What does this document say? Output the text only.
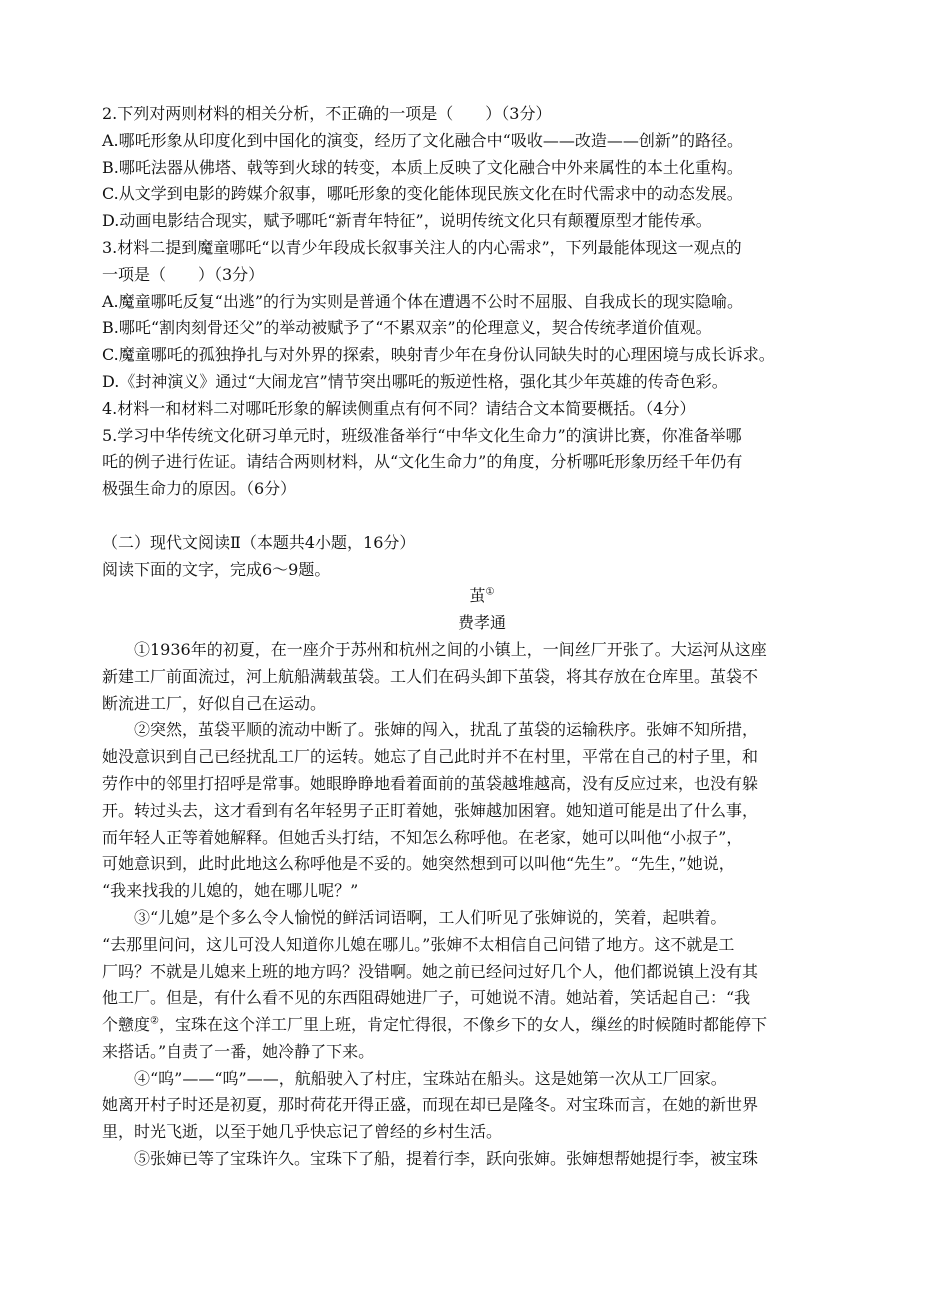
2.下列对两则材料的相关分析，不正确的一项是（　　）（3分）
A.哪吒形象从印度化到中国化的演变，经历了文化融合中“吸收——改造——创新”的路径。
B.哪吒法器从佛塔、戟等到火球的转变，本质上反映了文化融合中外来属性的本土化重构。
C.从文学到电影的跨媒介叙事，哪吒形象的变化能体现民族文化在时代需求中的动态发展。
D.动画电影结合现实，赋予哪吒“新青年特征”，说明传统文化只有颠覆原型才能传承。
3.材料二提到魔童哪吒“以青少年段成长叙事关注人的内心需求”，下列最能体现这一观点的
一项是（　　）（3分）
A.魔童哪吒反复“出逃”的行为实则是普通个体在遭遇不公时不屈服、自我成长的现实隐喻。
B.哪吒“割肉刻骨还父”的举动被赋予了“不累双亲”的伦理意义，契合传统孝道价值观。
C.魔童哪吒的孤独挣扎与对外界的探索，映射青少年在身份认同缺失时的心理困境与成长诉求。
D.《封神演义》通过“大闹龙宫”情节突出哪吒的叛逆性格，强化其少年英雄的传奇色彩。
4.材料一和材料二对哪吒形象的解读侧重点有何不同？请结合文本简要概括。（4分）
5.学习中华传统文化研习单元时，班级准备举行“中华文化生命力”的演讲比赛，你准备举哪
吒的例子进行佐证。请结合两则材料，从“文化生命力”的角度，分析哪吒形象历经千年仍有
极强生命力的原因。（6分）
（二）现代文阅读Ⅱ（本题共4小题，16分）
阅读下面的文字，完成6～9题。
茧①
费孝通
①1936年的初夏，在一座介于苏州和杭州之间的小镇上，一间丝厂开张了。大运河从这座
新建工厂前面流过，河上航船满载茧袋。工人们在码头卸下茧袋，将其存放在仓库里。茧袋不
断流进工厂，好似自己在运动。
②突然，茧袋平顺的流动中断了。张婶的闯入，扰乱了茧袋的运输秩序。张婶不知所措，
她没意识到自己已经扰乱工厂的运转。她忘了自己此时并不在村里，平常在自己的村子里，和
劳作中的邻里打招呼是常事。她眼睁睁地看着面前的茧袋越堆越高，没有反应过来，也没有躲
开。转过头去，这才看到有名年轻男子正盯着她，张婶越加困窘。她知道可能是出了什么事，
而年轻人正等着她解释。但她舌头打结，不知怎么称呼他。在老家，她可以叫他“小叔子”，
可她意识到，此时此地这么称呼他是不妥的。她突然想到可以叫他“先生”。“先生，”她说，
“我来找我的儿媳的，她在哪儿呢？”
③“儿媳”是个多么令人愉悦的鲜活词语啊，工人们听见了张婶说的，笑着，起哄着。
“去那里问问，这儿可没人知道你儿媳在哪儿。”张婶不太相信自己问错了地方。这不就是工
厂吗？不就是儿媳来上班的地方吗？没错啊。她之前已经问过好几个人，他们都说镇上没有其
他工厂。但是，有什么看不见的东西阻碍她进厂子，可她说不清。她站着，笑话起自己：“我
个戆度②，宝珠在这个洋工厂里上班，肯定忙得很，不像乡下的女人，缫丝的时候随时都能停下
来搭话。”自责了一番，她冷静了下来。
④“呜”——“呜”——，航船驶入了村庄，宝珠站在船头。这是她第一次从工厂回家。
她离开村子时还是初夏，那时荷花开得正盛，而现在却已是隆冬。对宝珠而言，在她的新世界
里，时光飞逝，以至于她几乎快忘记了曾经的乡村生活。
⑤张婶已等了宝珠许久。宝珠下了船，提着行李，跃向张婶。张婶想帮她提行李，被宝珠
